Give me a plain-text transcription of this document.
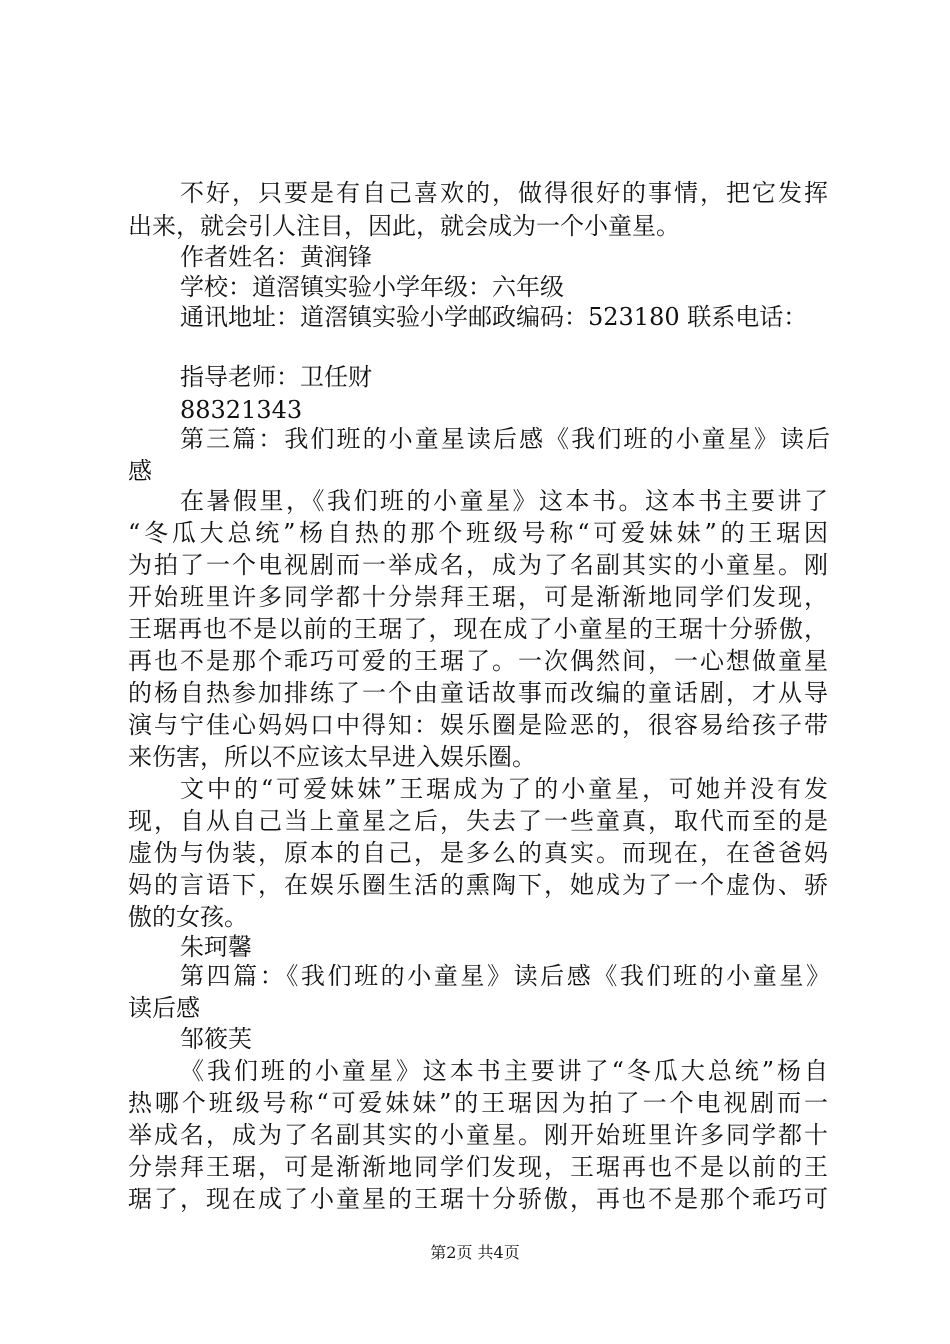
不好，只要是有自己喜欢的，做得很好的事情，把它发挥
出来，就会引人注目，因此，就会成为一个小童星。
作者姓名：黄润锋
学校：道滘镇实验小学年级：六年级
通讯地址：道滘镇实验小学邮政编码：523180 联系电话：
指导老师：卫任财
88321343
第三篇：我们班的小童星读后感《我们班的小童星》读后
感
在暑假里，《我们班的小童星》这本书。这本书主要讲了
“冬瓜大总统”杨自热的那个班级号称“可爱妹妹”的王琚因
为拍了一个电视剧而一举成名，成为了名副其实的小童星。刚
开始班里许多同学都十分崇拜王琚，可是渐渐地同学们发现，
王琚再也不是以前的王琚了，现在成了小童星的王琚十分骄傲，
再也不是那个乖巧可爱的王琚了。一次偶然间，一心想做童星
的杨自热参加排练了一个由童话故事而改编的童话剧，才从导
演与宁佳心妈妈口中得知：娱乐圈是险恶的，很容易给孩子带
来伤害，所以不应该太早进入娱乐圈。
文中的“可爱妹妹”王琚成为了的小童星，可她并没有发
现，自从自己当上童星之后，失去了一些童真，取代而至的是
虚伪与伪装，原本的自己，是多么的真实。而现在，在爸爸妈
妈的言语下，在娱乐圈生活的熏陶下，她成为了一个虚伪、骄
傲的女孩。
朱珂馨
第四篇：《我们班的小童星》读后感《我们班的小童星》
读后感
邹筱芙
《我们班的小童星》这本书主要讲了“冬瓜大总统”杨自
热哪个班级号称“可爱妹妹”的王琚因为拍了一个电视剧而一
举成名，成为了名副其实的小童星。刚开始班里许多同学都十
分崇拜王琚，可是渐渐地同学们发现，王琚再也不是以前的王
琚了，现在成了小童星的王琚十分骄傲，再也不是那个乖巧可
第2页 共4页
